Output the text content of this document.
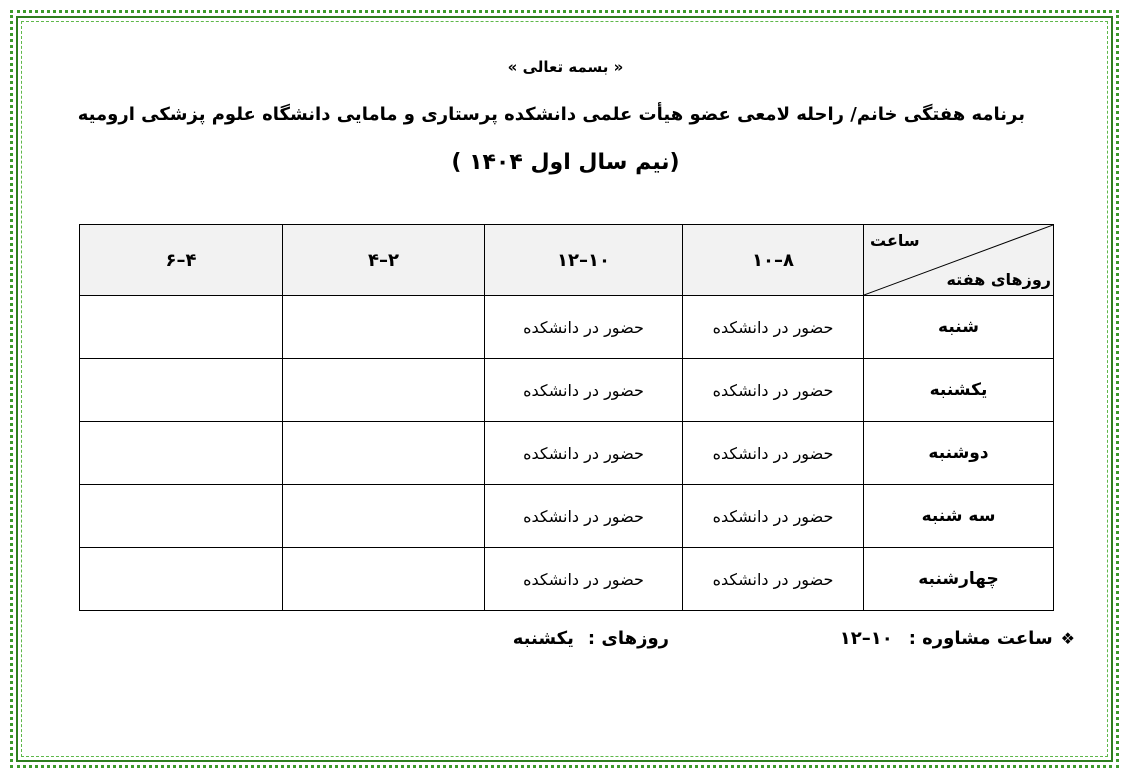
« بسمه تعالی »
برنامه هفتگی خانم/ راحله لامعی عضو هیأت علمی دانشکده پرستاری و مامایی دانشگاه علوم پزشکی ارومیه
(نیم سال اول ۱۴۰۴ )
ساعت
روزهای هفته	۸–۱۰	۱۰–۱۲	۲–۴	۴–۶
شنبه	حضور در دانشکده	حضور در دانشکده		
یکشنبه	حضور در دانشکده	حضور در دانشکده		
دوشنبه	حضور در دانشکده	حضور در دانشکده		
سه شنبه	حضور در دانشکده	حضور در دانشکده		
چهارشنبه	حضور در دانشکده	حضور در دانشکده		
❖ساعت مشاوره :۱۰–۱۲
روزهای :یکشنبه
